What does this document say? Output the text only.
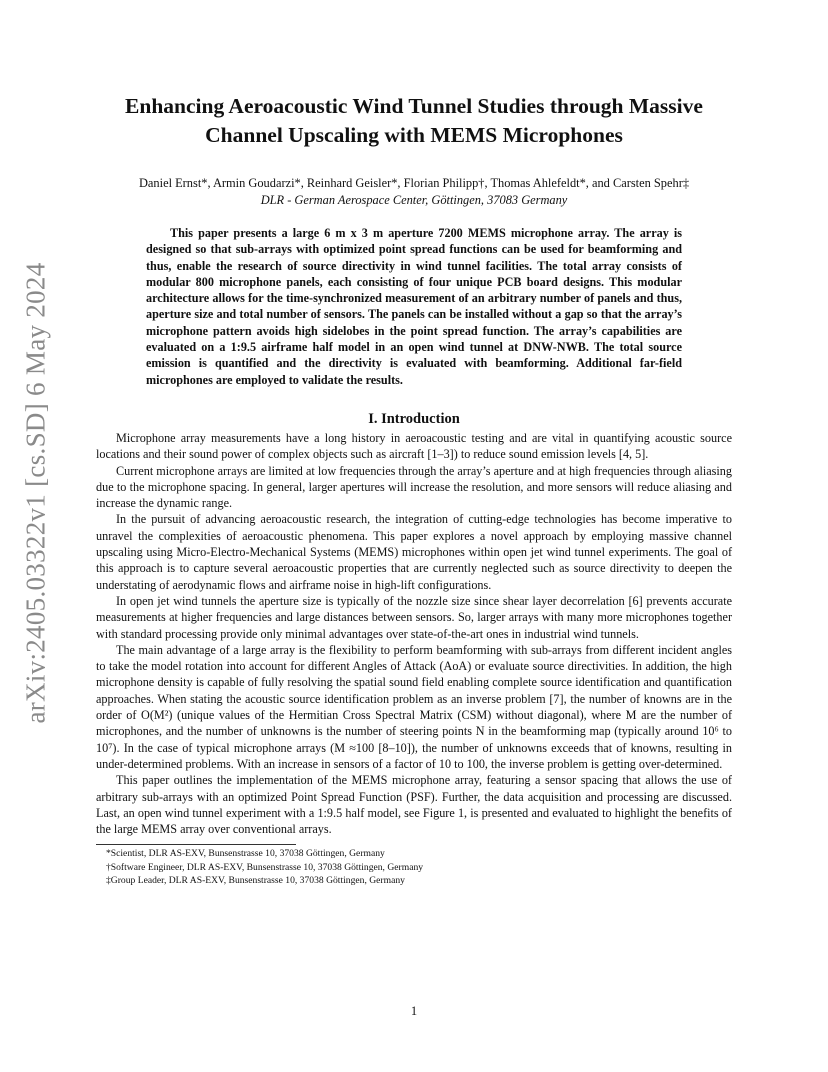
arXiv:2405.03322v1 [cs.SD] 6 May 2024
Enhancing Aeroacoustic Wind Tunnel Studies through Massive
Channel Upscaling with MEMS Microphones
Daniel Ernst*, Armin Goudarzi*, Reinhard Geisler*, Florian Philipp†, Thomas Ahlefeldt*, and Carsten Spehr‡
DLR - German Aerospace Center, Göttingen, 37083 Germany
This paper presents a large 6 m x 3 m aperture 7200 MEMS microphone array. The array is designed so that sub-arrays with optimized point spread functions can be used for beamforming and thus, enable the research of source directivity in wind tunnel facilities. The total array consists of modular 800 microphone panels, each consisting of four unique PCB board designs. This modular architecture allows for the time-synchronized measurement of an arbitrary number of panels and thus, aperture size and total number of sensors. The panels can be installed without a gap so that the array’s microphone pattern avoids high sidelobes in the point spread function. The array’s capabilities are evaluated on a 1:9.5 airframe half model in an open wind tunnel at DNW-NWB. The total source emission is quantified and the directivity is evaluated with beamforming. Additional far-field microphones are employed to validate the results.
I. Introduction

Microphone array measurements have a long history in aeroacoustic testing and are vital in quantifying acoustic source locations and their sound power of complex objects such as aircraft [1–3]) to reduce sound emission levels [4, 5].

Current microphone arrays are limited at low frequencies through the array’s aperture and at high frequencies through aliasing due to the microphone spacing. In general, larger apertures will increase the resolution, and more sensors will reduce aliasing and increase the dynamic range.

In the pursuit of advancing aeroacoustic research, the integration of cutting-edge technologies has become imperative to unravel the complexities of aeroacoustic phenomena. This paper explores a novel approach by employing massive channel upscaling using Micro-Electro-Mechanical Systems (MEMS) microphones within open jet wind tunnel experiments. The goal of this approach is to capture several aeroacoustic properties that are currently neglected such as source directivity to deepen the understating of aerodynamic flows and airframe noise in high-lift configurations.

In open jet wind tunnels the aperture size is typically of the nozzle size since shear layer decorrelation [6] prevents accurate measurements at higher frequencies and large distances between sensors. So, larger arrays with many more microphones together with standard processing provide only minimal advantages over state-of-the-art ones in industrial wind tunnels.

The main advantage of a large array is the flexibility to perform beamforming with sub-arrays from different incident angles to take the model rotation into account for different Angles of Attack (AoA) or evaluate source directivities. In addition, the high microphone density is capable of fully resolving the spatial sound field enabling complete source identification and quantification approaches. When stating the acoustic source identification problem as an inverse problem [7], the number of knowns are in the order of O(M²) (unique values of the Hermitian Cross Spectral Matrix (CSM) without diagonal), where M are the number of microphones, and the number of unknowns is the number of steering points N in the beamforming map (typically around 10⁶ to 10⁷). In the case of typical microphone arrays (M ≈100 [8–10]), the number of unknowns exceeds that of knowns, resulting in under-determined problems. With an increase in sensors of a factor of 10 to 100, the inverse problem is getting over-determined.

This paper outlines the implementation of the MEMS microphone array, featuring a sensor spacing that allows the use of arbitrary sub-arrays with an optimized Point Spread Function (PSF). Further, the data acquisition and processing are discussed. Last, an open wind tunnel experiment with a 1:9.5 half model, see Figure 1, is presented and evaluated to highlight the benefits of the large MEMS array over conventional arrays.

*Scientist, DLR AS-EXV, Bunsenstrasse 10, 37038 Göttingen, Germany
†Software Engineer, DLR AS-EXV, Bunsenstrasse 10, 37038 Göttingen, Germany
‡Group Leader, DLR AS-EXV, Bunsenstrasse 10, 37038 Göttingen, Germany
1
